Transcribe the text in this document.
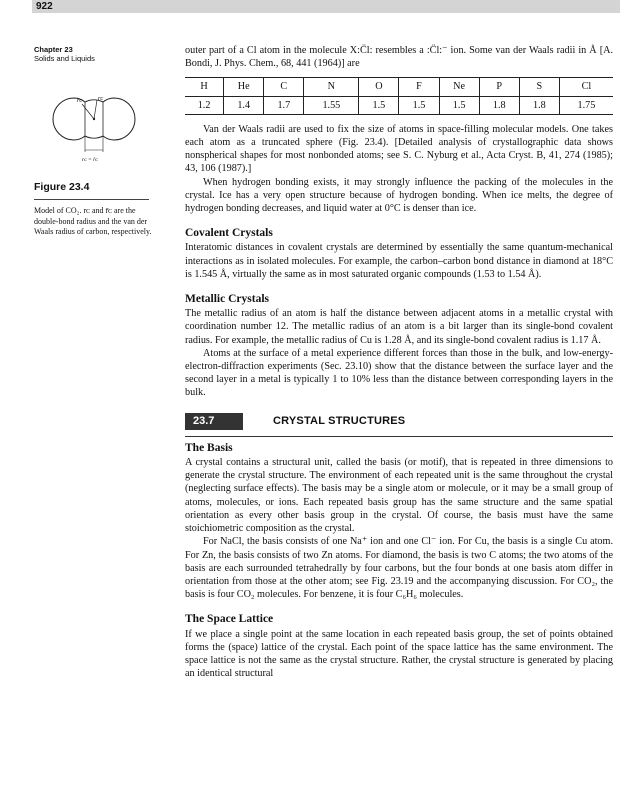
922
Chapter 23
Solids and Liquids
r̄ᴄ	rᴄ
rᴄ = r̄ᴄ
Figure 23.4
Model of CO₂. rᴄ and r̄ᴄ are the double-bond radius and the van der Waals radius of carbon, respectively.

outer part of a Cl atom in the molecule X:C̈l: resembles a :C̈l:⁻ ion. Some van der Waals radii in Å [A. Bondi, J. Phys. Chem., 68, 441 (1964)] are

H	He	C	N	O	F	Ne	P	S	Cl
1.2	1.4	1.7	1.55	1.5	1.5	1.5	1.8	1.8	1.75

Van der Waals radii are used to fix the size of atoms in space-filling molecular models. One takes each atom as a truncated sphere (Fig. 23.4). [Detailed analysis of crystallographic data shows nonspherical shapes for most nonbonded atoms; see S. C. Nyburg et al., Acta Cryst. B, 41, 274 (1985); 43, 106 (1987).]

When hydrogen bonding exists, it may strongly influence the packing of the molecules in the crystal. Ice has a very open structure because of hydrogen bonding. When ice melts, the degree of hydrogen bonding decreases, and liquid water at 0°C is denser than ice.

Covalent Crystals

Interatomic distances in covalent crystals are determined by essentially the same quantum-mechanical interactions as in isolated molecules. For example, the carbon–carbon bond distance in diamond at 18°C is 1.545 Å, virtually the same as in most saturated organic compounds (1.53 to 1.54 Å).

Metallic Crystals

The metallic radius of an atom is half the distance between adjacent atoms in a metallic crystal with coordination number 12. The metallic radius of an atom is a bit larger than its single-bond covalent radius. For example, the metallic radius of Cu is 1.28 Å, and its single-bond covalent radius is 1.17 Å.

Atoms at the surface of a metal experience different forces than those in the bulk, and low-energy-electron-diffraction experiments (Sec. 23.10) show that the distance between the surface layer and the second layer in a metal is typically 1 to 10% less than the distance between corresponding layers in the bulk.

23.7	CRYSTAL STRUCTURES
The Basis

A crystal contains a structural unit, called the basis (or motif), that is repeated in three dimensions to generate the crystal structure. The environment of each repeated unit is the same throughout the crystal (neglecting surface effects). The basis may be a single atom or molecule, or it may be a small group of atoms, molecules, or ions. Each repeated basis group has the same structure and the same spatial orientation as every other basis group in the crystal. Of course, the basis must have the same stoichiometric composition as the crystal.

For NaCl, the basis consists of one Na⁺ ion and one Cl⁻ ion. For Cu, the basis is a single Cu atom. For Zn, the basis consists of two Zn atoms. For diamond, the basis is two C atoms; the two atoms of the basis are each surrounded tetrahedrally by four carbons, but the four bonds at one basis atom differ in orientation from those at the other atom; see Fig. 23.19 and the accompanying discussion. For CO₂, the basis is four CO₂ molecules. For benzene, it is four C₆H₆ molecules.

The Space Lattice

If we place a single point at the same location in each repeated basis group, the set of points obtained forms the (space) lattice of the crystal. Each point of the space lattice has the same environment. The space lattice is not the same as the crystal structure. Rather, the crystal structure is generated by placing an identical structural
